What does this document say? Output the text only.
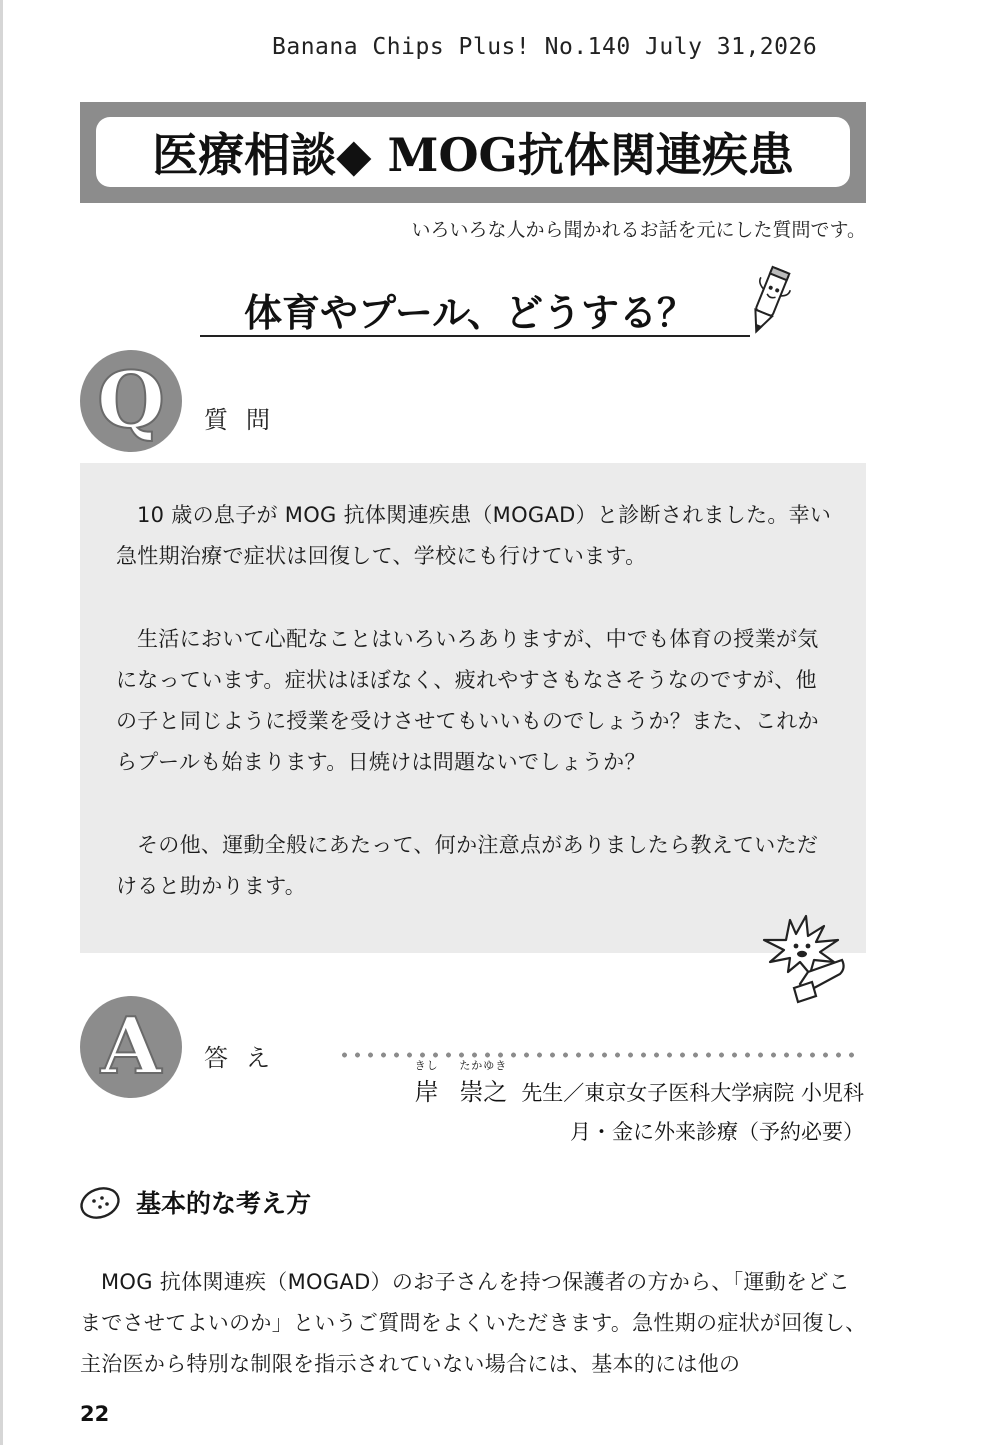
Banana Chips Plus! No.140 July 31,2026
医療相談◆ MOG抗体関連疾患
いろいろな人から聞かれるお話を元にした質問です。
体育やプール、どうする？
Q 質問

10 歳の息子が MOG 抗体関連疾患（MOGAD）と診断されました。幸い急性期治療で症状は回復して、学校にも行けています。

生活において心配なことはいろいろありますが、中でも体育の授業が気になっています。症状はほぼなく、疲れやすさもなさそうなのですが、他の子と同じように授業を受けさせてもいいものでしょうか？また、これからプールも始まります。日焼けは問題ないでしょうか？

その他、運動全般にあたって、何か注意点がありましたら教えていただけると助かります。

A 答え	きし
岸
たかゆき
崇之 先生／東京女子医科大学病院 小児科
月・金に外来診療（予約必要）
基本的な考え方

MOG 抗体関連疾（MOGAD）のお子さんを持つ保護者の方から、「運動をどこまでさせてよいのか」というご質問をよくいただきます。急性期の症状が回復し、主治医から特別な制限を指示されていない場合には、基本的には他の

22
